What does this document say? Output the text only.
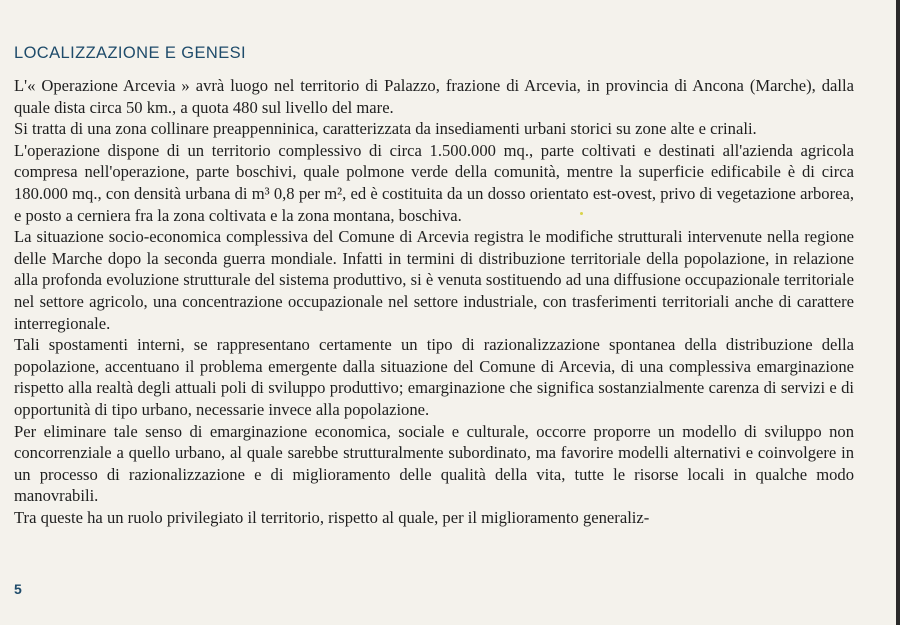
LOCALIZZAZIONE E GENESI

L'« Operazione Arcevia » avrà luogo nel territorio di Palazzo, frazione di Arcevia, in provincia di Ancona (Marche), dalla quale dista circa 50 km., a quota 480 sul livello del mare.

Si tratta di una zona collinare preappenninica, caratterizzata da insediamenti urbani storici su zone alte e crinali.

L'operazione dispone di un territorio complessivo di circa 1.500.000 mq., parte coltivati e destinati all'azienda agricola compresa nell'operazione, parte boschivi, quale polmone verde della comunità, mentre la superficie edificabile è di circa 180.000 mq., con densità urbana di m³ 0,8 per m², ed è costituita da un dosso orientato est-ovest, privo di vegetazione arborea, e posto a cerniera fra la zona coltivata e la zona montana, boschiva.

La situazione socio-economica complessiva del Comune di Arcevia registra le modifiche strutturali intervenute nella regione delle Marche dopo la seconda guerra mondiale. Infatti in termini di distribuzione territoriale della popolazione, in relazione alla profonda evoluzione strutturale del sistema produttivo, si è venuta sostituendo ad una diffusione occupazionale territoriale nel settore agricolo, una concentrazione occupazionale nel settore industriale, con trasferimenti territoriali anche di carattere interregionale.

Tali spostamenti interni, se rappresentano certamente un tipo di razionalizzazione spontanea della distribuzione della popolazione, accentuano il problema emergente dalla situazione del Comune di Arcevia, di una complessiva emarginazione rispetto alla realtà degli attuali poli di sviluppo produttivo; emarginazione che significa sostanzialmente carenza di servizi e di opportunità di tipo urbano, necessarie invece alla popolazione.

Per eliminare tale senso di emarginazione economica, sociale e culturale, occorre proporre un modello di sviluppo non concorrenziale a quello urbano, al quale sarebbe strutturalmente subordinato, ma favorire modelli alternativi e coinvolgere in un processo di razionalizzazione e di miglioramento delle qualità della vita, tutte le risorse locali in qualche modo manovrabili.

Tra queste ha un ruolo privilegiato il territorio, rispetto al quale, per il miglioramento generaliz-

5
